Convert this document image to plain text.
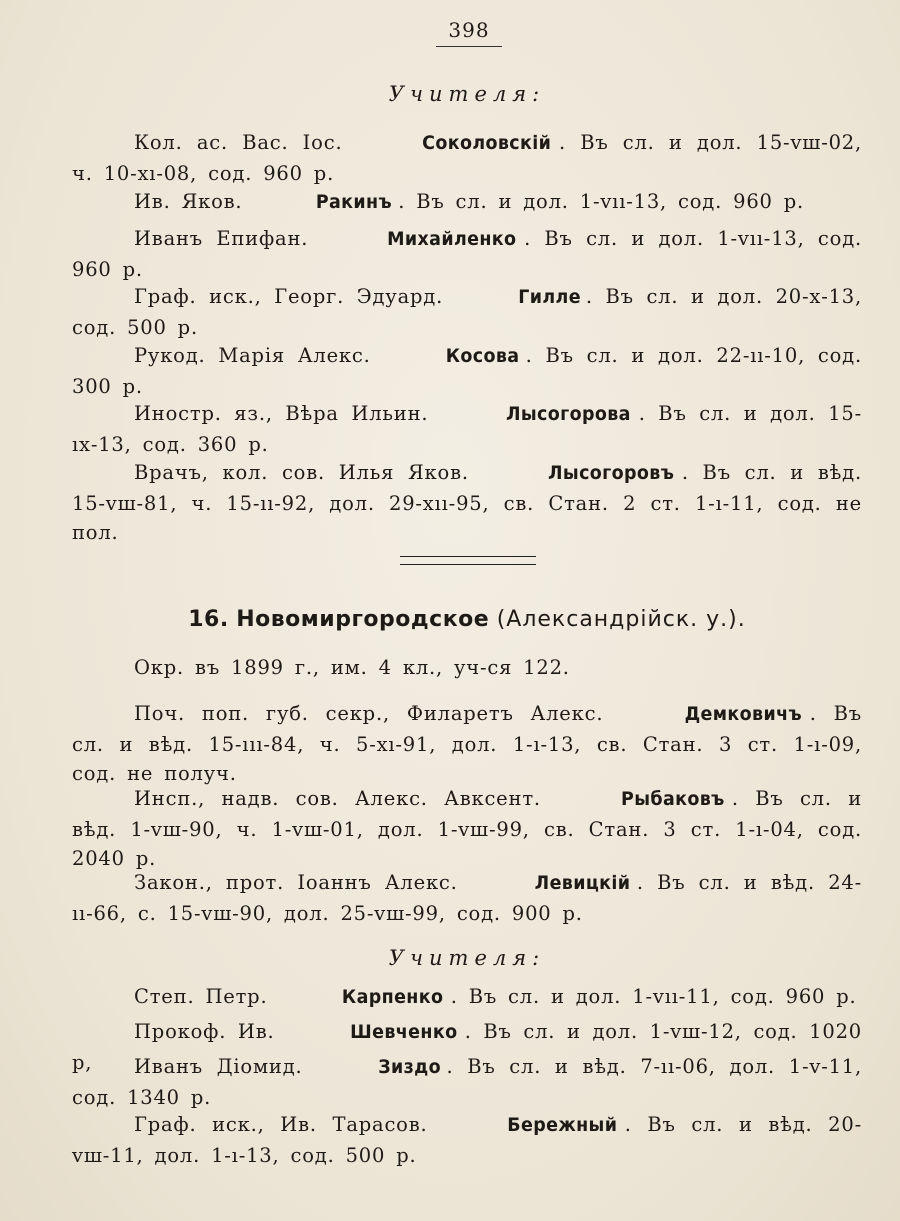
398
Учителя:
Кол. ас. Вас. Іос.	Соколовскій . Въ сл. и дол. 15-vш-02, ч. 10-хı-08, сод. 960 р.
Ив. Яков.	Ракинъ . Въ сл. и дол. 1-vıı-13, сод. 960 р.
Иванъ Епифан.	Михайленко . Въ сл. и дол. 1-vıı-13, сод. 960 р.
Граф. иск., Георг. Эдуард.	Гилле . Въ сл. и дол. 20-х-13, сод. 500 р.
Рукод. Марія Алекс.	Косова . Въ сл. и дол. 22-ıı-10, сод. 300 р.
Иностр. яз., Вѣра Ильин.	Лысогорова . Въ сл. и дол. 15-ıх-13, сод. 360 р.
Врачъ, кол. сов. Илья Яков.	Лысогоровъ . Въ сл. и вѣд. 15-vш-81, ч. 15-ıı-92, дол. 29-хıı-95, св. Стан. 2 ст. 1-ı-11, сод. не пол.
16. Новомиргородское (Александрійск. у.).
Окр. въ 1899 г., им. 4 кл., уч-ся 122.
Поч. поп. губ. секр., Филаретъ Алекс.	Демковичъ . Въ сл. и вѣд. 15-ııı-84, ч. 5-хı-91, дол. 1-ı-13, св. Стан. 3 ст. 1-ı-09, сод. не получ.
Инсп., надв. сов. Алекс. Авксент.	Рыбаковъ . Въ сл. и вѣд. 1-vш-90, ч. 1-vш-01, дол. 1-vш-99, св. Стан. 3 ст. 1-ı-04, сод. 2040 р.
Закон., прот. Іоаннъ Алекс.	Левицкій . Въ сл. и вѣд. 24-ıı-66, с. 15-vш-90, дол. 25-vш-99, сод. 900 р.
Учителя:
Степ. Петр.	Карпенко . Въ сл. и дол. 1-vıı-11, сод. 960 р.
Прокоф. Ив.	Шевченко . Въ сл. и дол. 1-vш-12, сод. 1020 р,	Иванъ Діомид.	Зиздо . Въ сл. и вѣд. 7-ıı-06, дол. 1-v-11, сод. 1340 р.
Граф. иск., Ив. Тарасов.	Бережный . Въ сл. и вѣд. 20-vш-11, дол. 1-ı-13, сод. 500 р.
